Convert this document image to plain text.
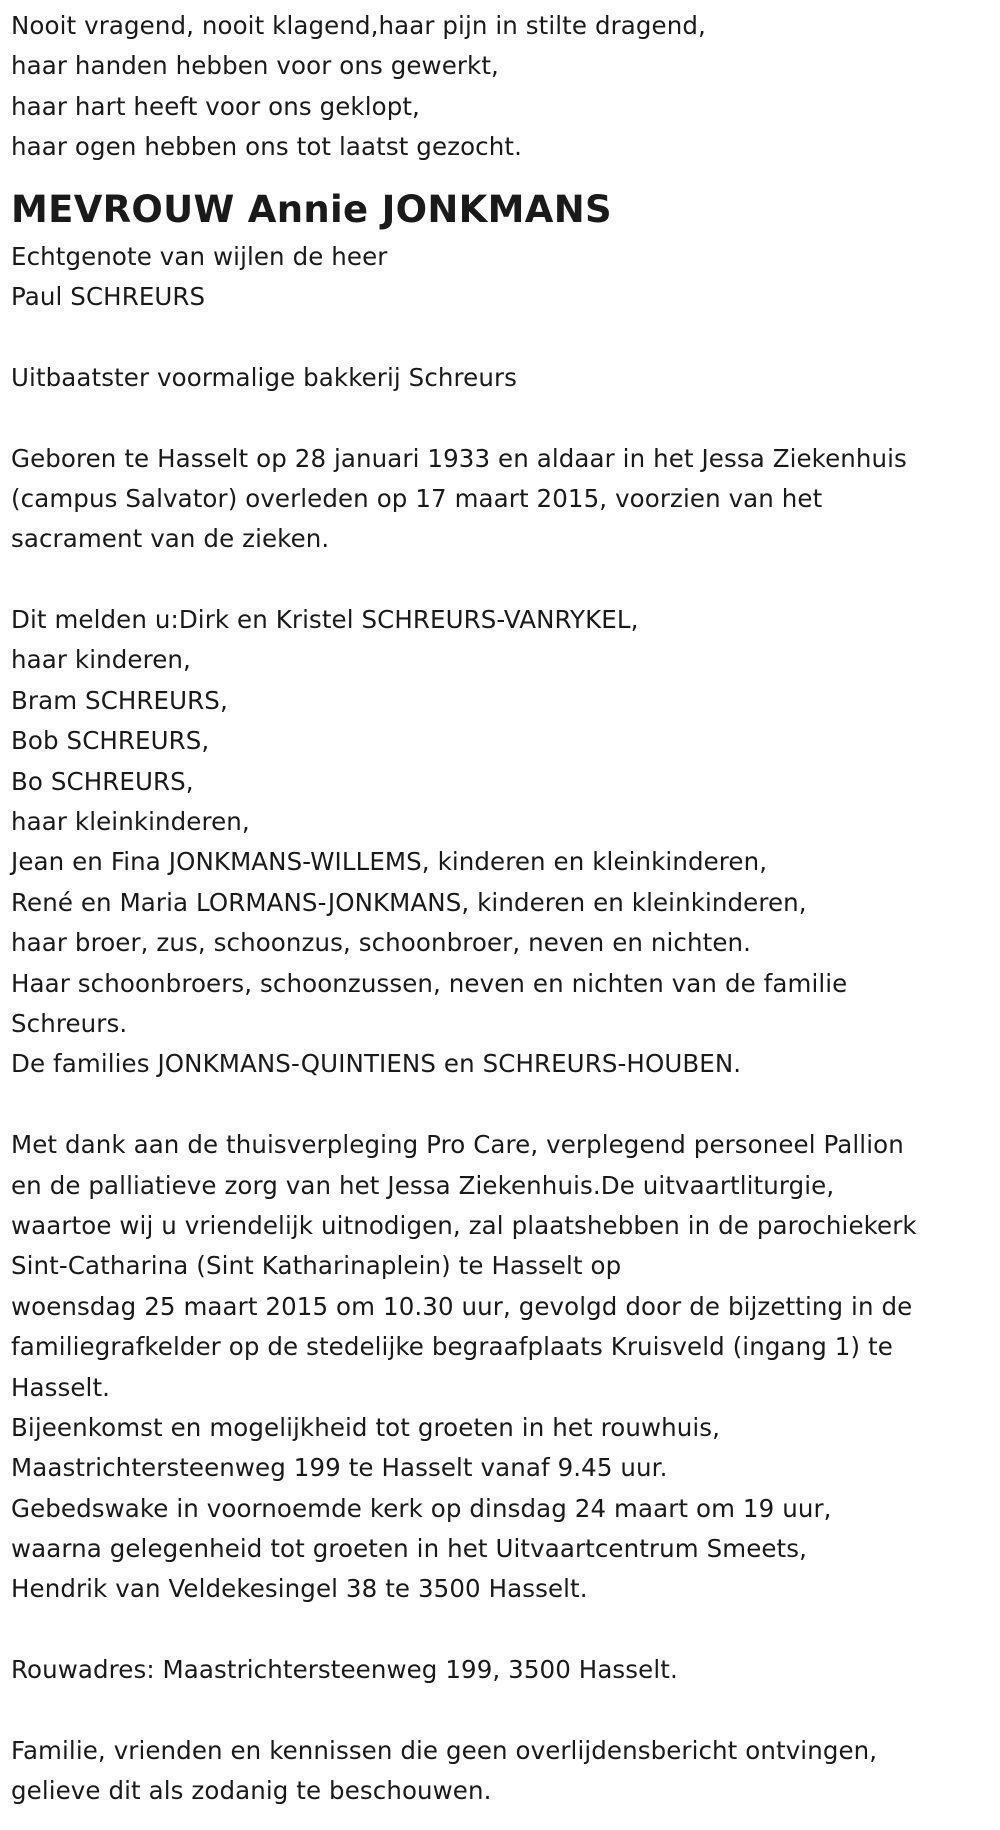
Nooit vragend, nooit klagend,haar pijn in stilte dragend,
haar handen hebben voor ons gewerkt,
haar hart heeft voor ons geklopt,
haar ogen hebben ons tot laatst gezocht.
MEVROUW Annie JONKMANS
Echtgenote van wijlen de heer
Paul SCHREURS
Uitbaatster voormalige bakkerij Schreurs
Geboren te Hasselt op 28 januari 1933 en aldaar in het Jessa Ziekenhuis
(campus Salvator) overleden op 17 maart 2015, voorzien van het
sacrament van de zieken.
Dit melden u:Dirk en Kristel SCHREURS-VANRYKEL,
haar kinderen,
Bram SCHREURS,
Bob SCHREURS,
Bo SCHREURS,
haar kleinkinderen,
Jean en Fina JONKMANS-WILLEMS, kinderen en kleinkinderen,
René en Maria LORMANS-JONKMANS, kinderen en kleinkinderen,
haar broer, zus, schoonzus, schoonbroer, neven en nichten.
Haar schoonbroers, schoonzussen, neven en nichten van de familie
Schreurs.
De families JONKMANS-QUINTIENS en SCHREURS-HOUBEN.
Met dank aan de thuisverpleging Pro Care, verplegend personeel Pallion
en de palliatieve zorg van het Jessa Ziekenhuis.De uitvaartliturgie,
waartoe wij u vriendelijk uitnodigen, zal plaatshebben in de parochiekerk
Sint-Catharina (Sint Katharinaplein) te Hasselt op
woensdag 25 maart 2015 om 10.30 uur, gevolgd door de bijzetting in de
familiegrafkelder op de stedelijke begraafplaats Kruisveld (ingang 1) te
Hasselt.
Bijeenkomst en mogelijkheid tot groeten in het rouwhuis,
Maastrichtersteenweg 199 te Hasselt vanaf 9.45 uur.
Gebedswake in voornoemde kerk op dinsdag 24 maart om 19 uur,
waarna gelegenheid tot groeten in het Uitvaartcentrum Smeets,
Hendrik van Veldekesingel 38 te 3500 Hasselt.
Rouwadres: Maastrichtersteenweg 199, 3500 Hasselt.
Familie, vrienden en kennissen die geen overlijdensbericht ontvingen,
gelieve dit als zodanig te beschouwen.
